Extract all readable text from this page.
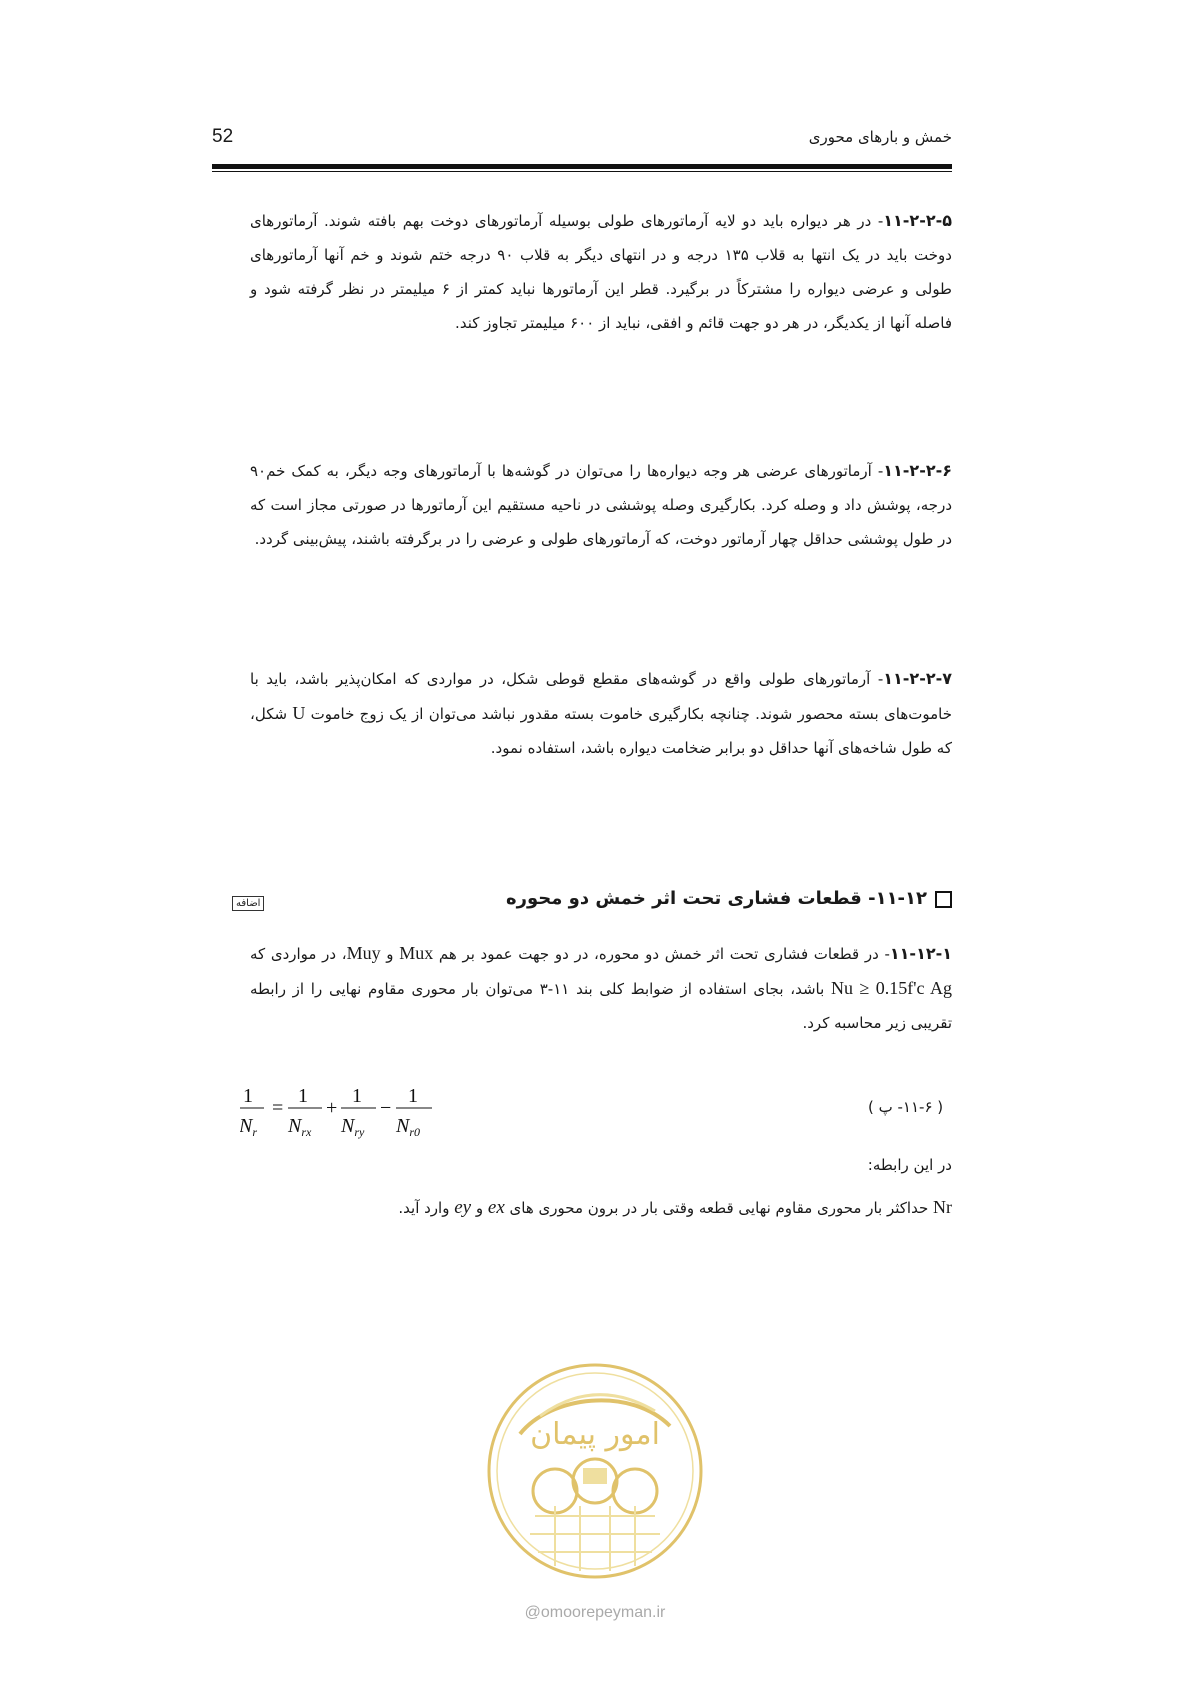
52	خمش و بارهای محوری
۱۱-۲-۲-۵- در هر دیواره باید دو لایه آرماتورهای طولی بوسیله آرماتورهای دوخت بهم بافته شوند. آرماتورهای دوخت باید در یک انتها به قلاب ۱۳۵ درجه و در انتهای دیگر به قلاب ۹۰ درجه ختم شوند و خم آنها آرماتورهای طولی و عرضی دیواره را مشترکاً در برگیرد. قطر این آرماتورها نباید کمتر از ۶ میلیمتر در نظر گرفته شود و فاصله آنها از یکدیگر، در هر دو جهت قائم و افقی، نباید از ۶۰۰ میلیمتر تجاوز کند.
۱۱-۲-۲-۶- آرماتورهای عرضی هر وجه دیوارەها را می‌توان در گوشەها با آرماتورهای وجه دیگر، به کمک خم۹۰ درجه، پوشش داد و وصله کرد. بکارگیری وصله پوششی در ناحیه مستقیم این آرماتورها در صورتی مجاز است که در طول پوششی حداقل چهار آرماتور دوخت، که آرماتورهای طولی و عرضی را در برگرفته باشند، پیش‌بینی گردد.
۱۱-۲-۲-۷- آرماتورهای طولی واقع در گوشه‌های مقطع قوطی شکل، در مواردی که امکان‌پذیر باشد، باید با خاموت‌های بسته محصور شوند. چنانچه بکارگیری خاموت بسته مقدور نباشد می‌توان از یک زوج خاموت U شکل، که طول شاخه‌های آنها حداقل دو برابر ضخامت دیواره باشد، استفاده نمود.
۱۱-۱۲- قطعات فشاری تحت اثر خمش دو محوره
اضافه
۱۱-۱۲-۱- در قطعات فشاری تحت اثر خمش دو محوره، در دو جهت عمود بر هم Mux و Muy، در مواردی که Nu ≥ 0.15f'c Ag باشد، بجای استفاده از ضوابط کلی بند ۱۱-۳ می‌توان بار محوری مقاوم نهایی را از رابطه تقریبی زیر محاسبه کرد.
1
$N_r$
=
1
$N_{rx}$
+
1
$N_{ry}$
−
1
$N_{r0}$
( ۱۱-۶- پ )
در این رابطه:
Nr حداکثر بار محوری مقاوم نهایی قطعه وقتی بار در برون محوری های ex و ey وارد آید.
امور پیمان
@omoorepeyman.ir
